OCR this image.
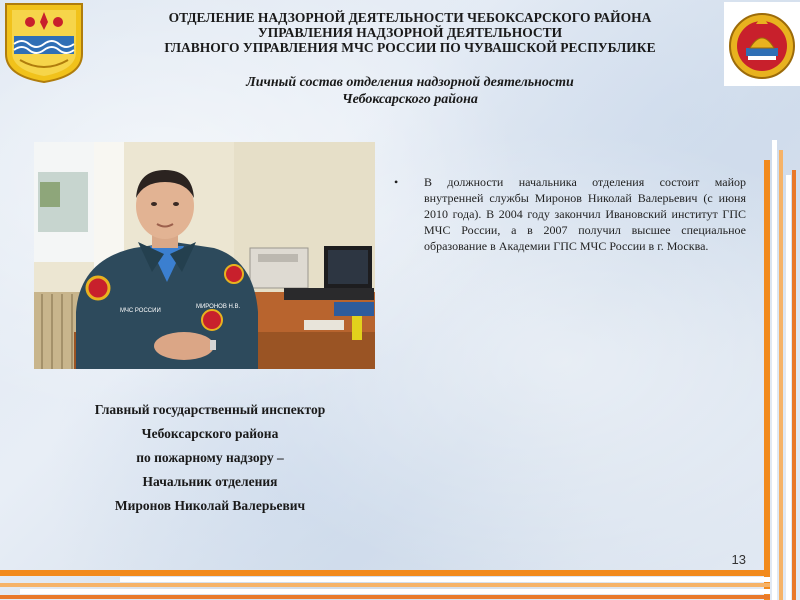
ОТДЕЛЕНИЕ НАДЗОРНОЙ ДЕЯТЕЛЬНОСТИ ЧЕБОКСАРСКОГО РАЙОНА
УПРАВЛЕНИЯ НАДЗОРНОЙ ДЕЯТЕЛЬНОСТИ
ГЛАВНОГО УПРАВЛЕНИЯ МЧС РОССИИ ПО ЧУВАШСКОЙ РЕСПУБЛИКЕ
Личный состав отделения надзорной деятельности
Чебоксарского района
МЧС РОССИИ
МИРОНОВ Н.В.
• В должности начальника отделения состоит майор внутренней службы Миронов Николай Валерьевич (с июня 2010 года). В 2004 году закончил Ивановский институт ГПС МЧС России, а в 2007 получил высшее специальное образование в Академии ГПС МЧС России в г. Москва.
Главный государственный инспектор
Чебоксарского района
по пожарному надзору –
Начальник отделения
Миронов Николай Валерьевич
13
